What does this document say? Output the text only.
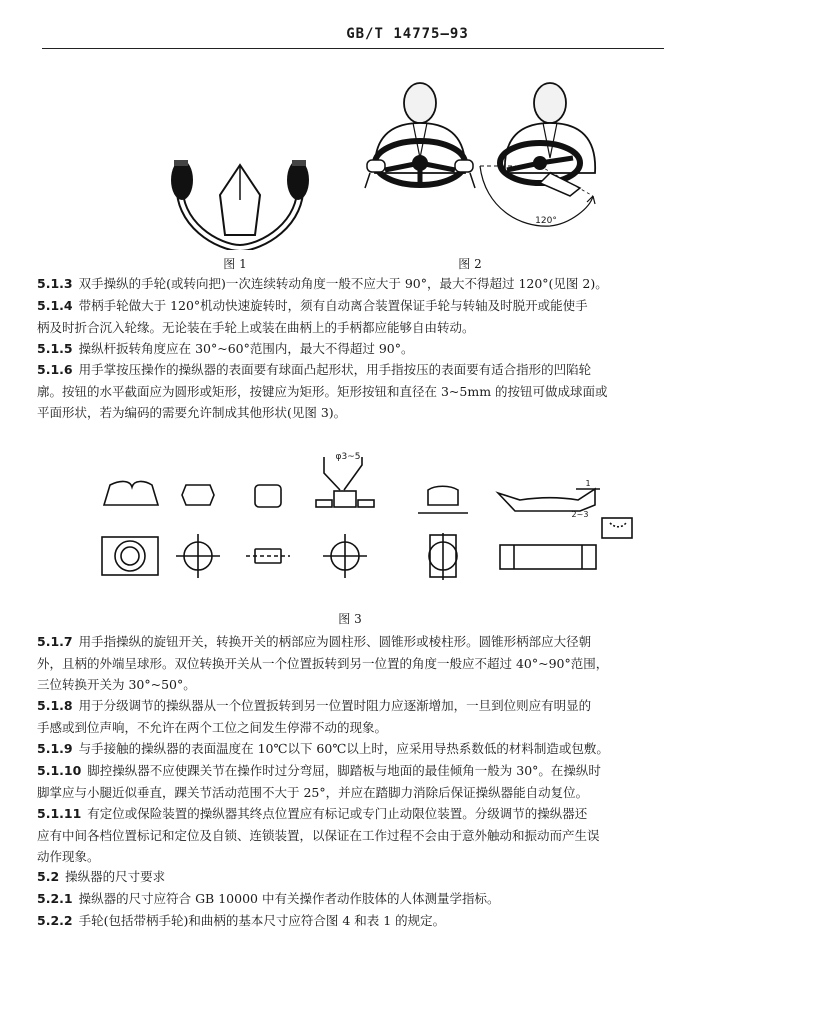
GB/T 14775—93
图 1
120°
图 2
5.1.3 双手操纵的手轮(或转向把)一次连续转动角度一般不应大于 90°，最大不得超过 120°(见图 2)。
5.1.4 带柄手轮做大于 120°机动快速旋转时，须有自动离合装置保证手轮与转轴及时脱开或能使手
柄及时折合沉入轮缘。无论装在手轮上或装在曲柄上的手柄都应能够自由转动。
5.1.5 操纵杆扳转角度应在 30°~60°范围内，最大不得超过 90°。
5.1.6 用手掌按压操作的操纵器的表面要有球面凸起形状，用手指按压的表面要有适合指形的凹陷轮
廓。按钮的水平截面应为圆形或矩形，按键应为矩形。矩形按钮和直径在 3~5mm 的按钮可做成球面或
平面形状，若为编码的需要允许制成其他形状(见图 3)。
φ3~5
1
2~3
图 3
5.1.7 用手指操纵的旋钮开关，转换开关的柄部应为圆柱形、圆锥形或棱柱形。圆锥形柄部应大径朝
外，且柄的外端呈球形。双位转换开关从一个位置扳转到另一位置的角度一般应不超过 40°~90°范围，
三位转换开关为 30°~50°。
5.1.8 用于分级调节的操纵器从一个位置扳转到另一位置时阻力应逐渐增加，一旦到位则应有明显的
手感或到位声响，不允许在两个工位之间发生停滞不动的现象。
5.1.9 与手接触的操纵器的表面温度在 10℃以下 60℃以上时，应采用导热系数低的材料制造或包敷。
5.1.10 脚控操纵器不应使踝关节在操作时过分弯屈，脚踏板与地面的最佳倾角一般为 30°。在操纵时
脚掌应与小腿近似垂直，踝关节活动范围不大于 25°，并应在踏脚力消除后保证操纵器能自动复位。
5.1.11 有定位或保险装置的操纵器其终点位置应有标记或专门止动限位装置。分级调节的操纵器还
应有中间各档位置标记和定位及自锁、连锁装置，以保证在工作过程不会由于意外触动和振动而产生误
动作现象。
5.2 操纵器的尺寸要求
5.2.1 操纵器的尺寸应符合 GB 10000 中有关操作者动作肢体的人体测量学指标。
5.2.2 手轮(包括带柄手轮)和曲柄的基本尺寸应符合图 4 和表 1 的规定。
